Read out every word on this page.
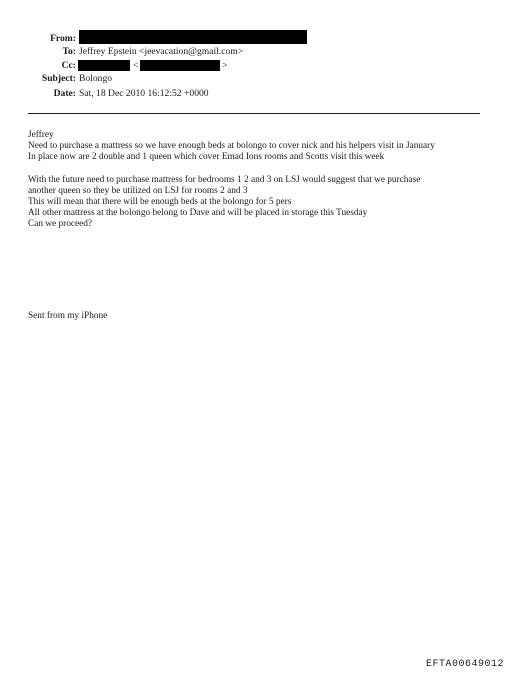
From:
To: Jeffrey Epstein <jeevacation@gmail.com>
Cc:	<	>
Subject: Bolongo
Date: Sat, 18 Dec 2010 16:12:52 +0000
Jeffrey
Need to purchase a mattress so we have enough beds at bolongo to cover nick and his helpers visit in January
In place now are 2 double and 1 queen which cover Emad Ions rooms and Scotts visit this week
With the future need to purchase mattress for bedrooms 1 2 and 3 on LSJ would suggest that we purchase
another queen so they be utilized on LSJ for rooms 2 and 3
This will mean that there will be enough beds at the bolongo for 5 pers
All other mattress at the bolongo belong to Dave and will be placed in storage this Tuesday
Can we proceed?
Sent from my iPhone
EFTA00649012
